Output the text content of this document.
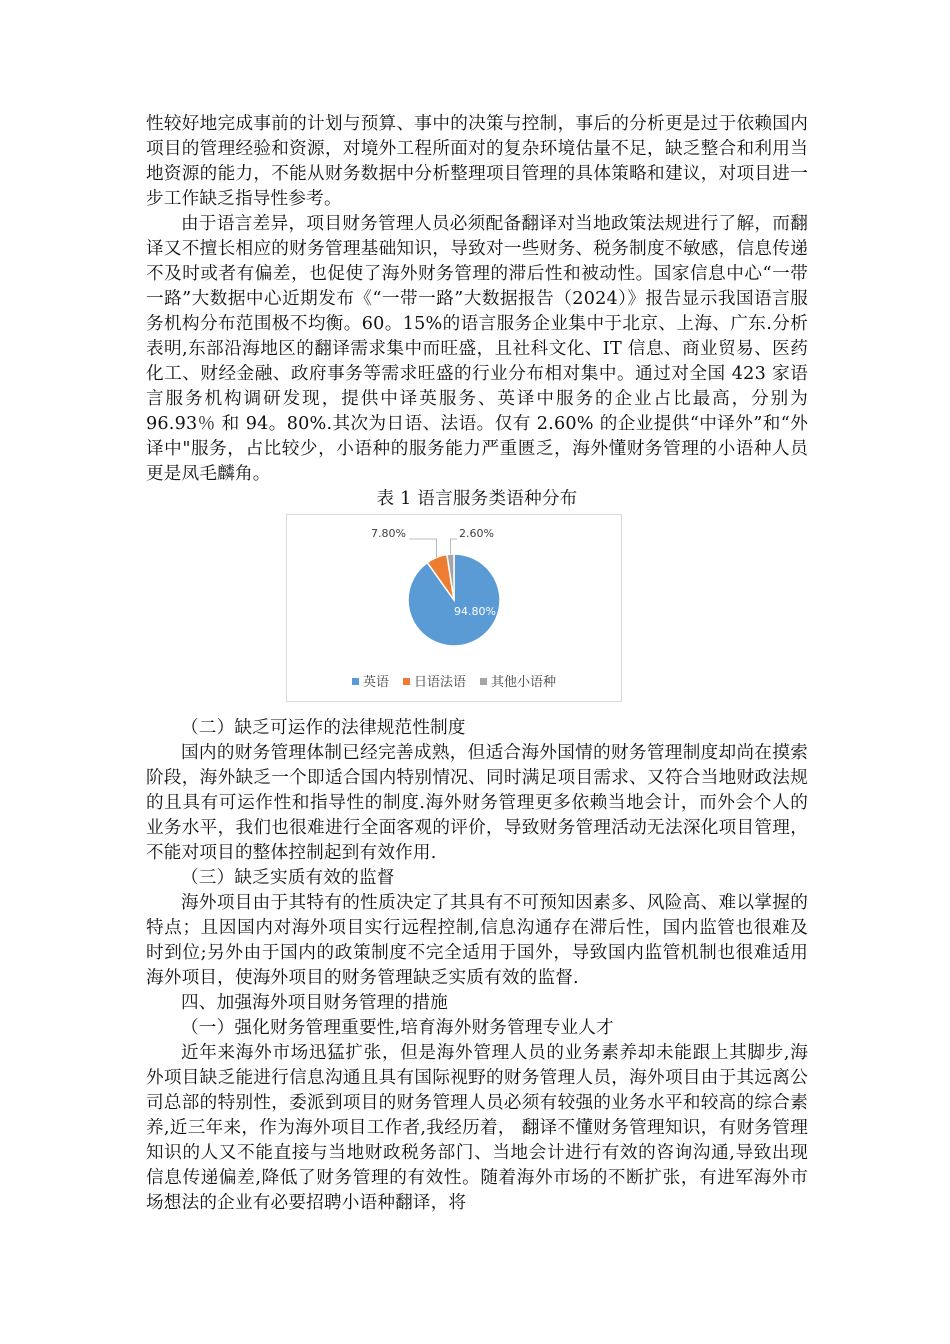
性较好地完成事前的计划与预算、事中的决策与控制，事后的分析更是过于依赖国内项目的管理经验和资源，对境外工程所面对的复杂环境估量不足，缺乏整合和利用当地资源的能力，不能从财务数据中分析整理项目管理的具体策略和建议，对项目进一步工作缺乏指导性参考。

由于语言差异，项目财务管理人员必须配备翻译对当地政策法规进行了解，而翻译又不擅长相应的财务管理基础知识，导致对一些财务、税务制度不敏感，信息传递不及时或者有偏差，也促使了海外财务管理的滞后性和被动性。国家信息中心“一带一路”大数据中心近期发布《“一带一路”大数据报告（2024）》报告显示我国语言服务机构分布范围极不均衡。60。15%的语言服务企业集中于北京、上海、广东.分析表明,东部沿海地区的翻译需求集中而旺盛，且社科文化、IT 信息、商业贸易、医药化工、财经金融、政府事务等需求旺盛的行业分布相对集中。通过对全国 423 家语言服务机构调研发现，提供中译英服务、英译中服务的企业占比最高，分别为 96.93％ 和 94。80%.其次为日语、法语。仅有 2.60% 的企业提供“中译外”和“外译中"服务，占比较少，小语种的服务能力严重匮乏，海外懂财务管理的小语种人员更是凤毛麟角。

表 1 语言服务类语种分布

94.80%
7.80%	2.60%
英语 日语法语 其他小语种

（二）缺乏可运作的法律规范性制度

国内的财务管理体制已经完善成熟，但适合海外国情的财务管理制度却尚在摸索阶段，海外缺乏一个即适合国内特别情况、同时满足项目需求、又符合当地财政法规的且具有可运作性和指导性的制度.海外财务管理更多依赖当地会计，而外会个人的业务水平，我们也很难进行全面客观的评价，导致财务管理活动无法深化项目管理，不能对项目的整体控制起到有效作用.

（三）缺乏实质有效的监督

海外项目由于其特有的性质决定了其具有不可预知因素多、风险高、难以掌握的特点；且因国内对海外项目实行远程控制,信息沟通存在滞后性，国内监管也很难及时到位;另外由于国内的政策制度不完全适用于国外，导致国内监管机制也很难适用海外项目，使海外项目的财务管理缺乏实质有效的监督.

四、加强海外项目财务管理的措施

（一）强化财务管理重要性,培育海外财务管理专业人才

近年来海外市场迅猛扩张，但是海外管理人员的业务素养却未能跟上其脚步,海外项目缺乏能进行信息沟通且具有国际视野的财务管理人员，海外项目由于其远离公司总部的特别性，委派到项目的财务管理人员必须有较强的业务水平和较高的综合素养,近三年来，作为海外项目工作者,我经历着， 翻译不懂财务管理知识，有财务管理知识的人又不能直接与当地财政税务部门、当地会计进行有效的咨询沟通,导致出现信息传递偏差,降低了财务管理的有效性。随着海外市场的不断扩张，有进军海外市场想法的企业有必要招聘小语种翻译，将
